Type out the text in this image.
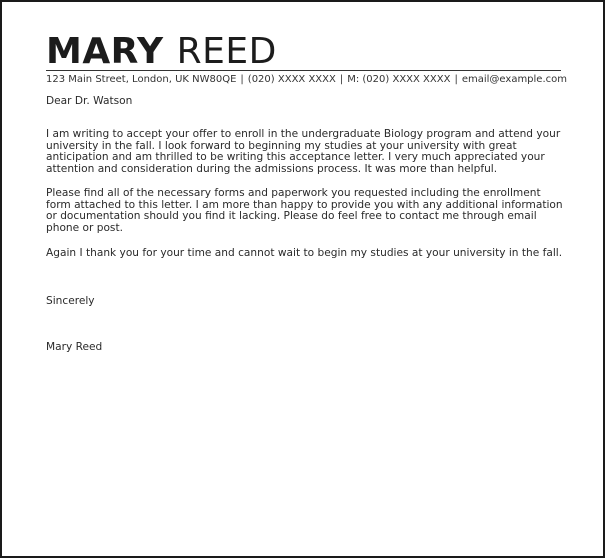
MARY REED
123 Main Street, London, UK NW80QE | (020) XXXX XXXX | M: (020) XXXX XXXX | email@example.com

Dear Dr. Watson

I am writing to accept your offer to enroll in the undergraduate Biology program and attend your university in the fall. I look forward to beginning my studies at your university with great anticipation and am thrilled to be writing this acceptance letter. I very much appreciated your attention and consideration during the admissions process. It was more than helpful.

Please find all of the necessary forms and paperwork you requested including the enrollment form attached to this letter. I am more than happy to provide you with any additional information or documentation should you find it lacking. Please do feel free to contact me through email phone or post.

Again I thank you for your time and cannot wait to begin my studies at your university in the fall.

Sincerely

Mary Reed
